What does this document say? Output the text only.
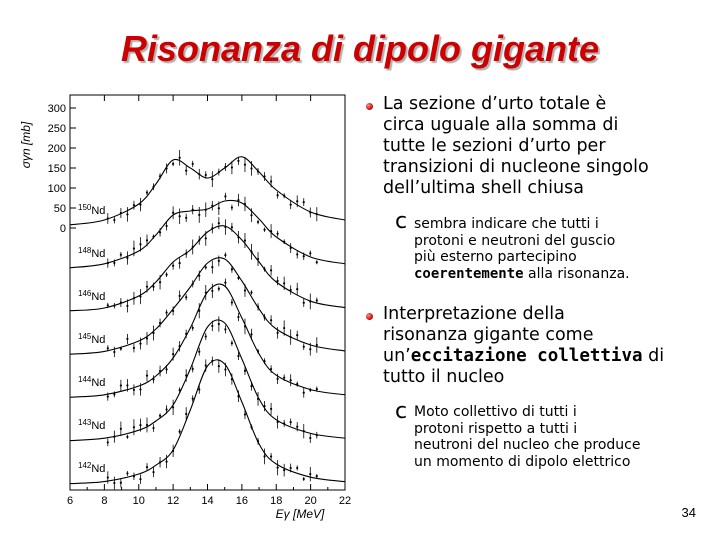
Risonanza di dipolo gigante
6	8 10 12 14 16 18 20 22
0
50
100
150
200
250
300
$^{150}$Nd
$^{148}$Nd
$^{146}$Nd
$^{145}$Nd
$^{144}$Nd
$^{143}$Nd
$^{142}$Nd
Eγ [MeV]
σγn [mb]
La sezione d’urto totale è
circa uguale alla somma di
tutte le sezioni d’urto per
transizioni di nucleone singolo
dell’ultima shell chiusa
c sembra indicare che tutti i
protoni e neutroni del guscio
più esterno partecipino
coerentemente alla risonanza.
Interpretazione della
risonanza gigante come
un’eccitazione collettiva di
tutto il nucleo
c Moto collettivo di tutti i
protoni rispetto a tutti i
neutroni del nucleo che produce
un momento di dipolo elettrico
34
